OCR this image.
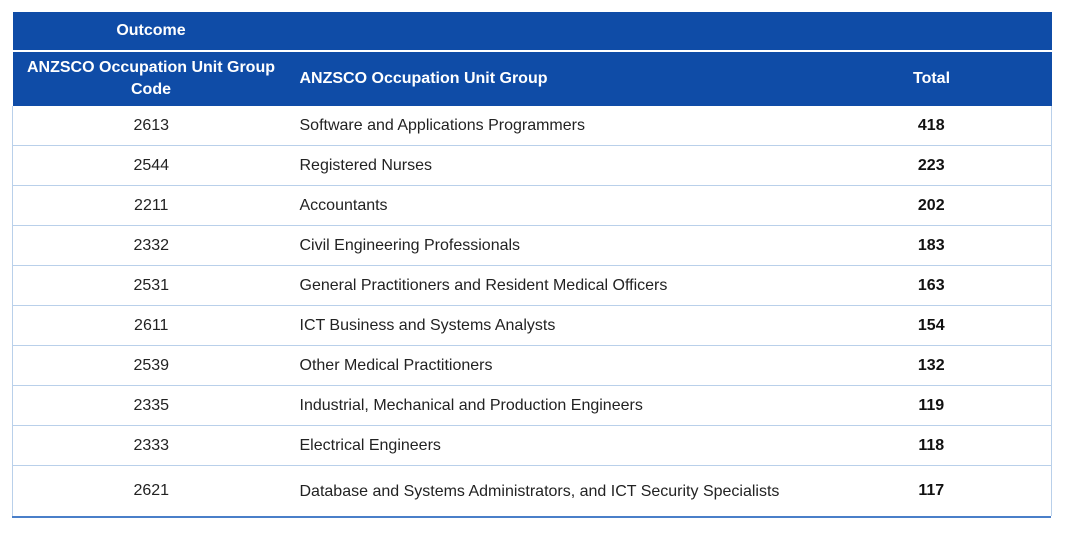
Outcome		
ANZSCO Occupation Unit Group Code	ANZSCO Occupation Unit Group	Total
2613	Software and Applications Programmers	418
2544	Registered Nurses	223
2211	Accountants	202
2332	Civil Engineering Professionals	183
2531	General Practitioners and Resident Medical Officers	163
2611	ICT Business and Systems Analysts	154
2539	Other Medical Practitioners	132
2335	Industrial, Mechanical and Production Engineers	119
2333	Electrical Engineers	118
2621	Database and Systems Administrators, and ICT Security Specialists	117
